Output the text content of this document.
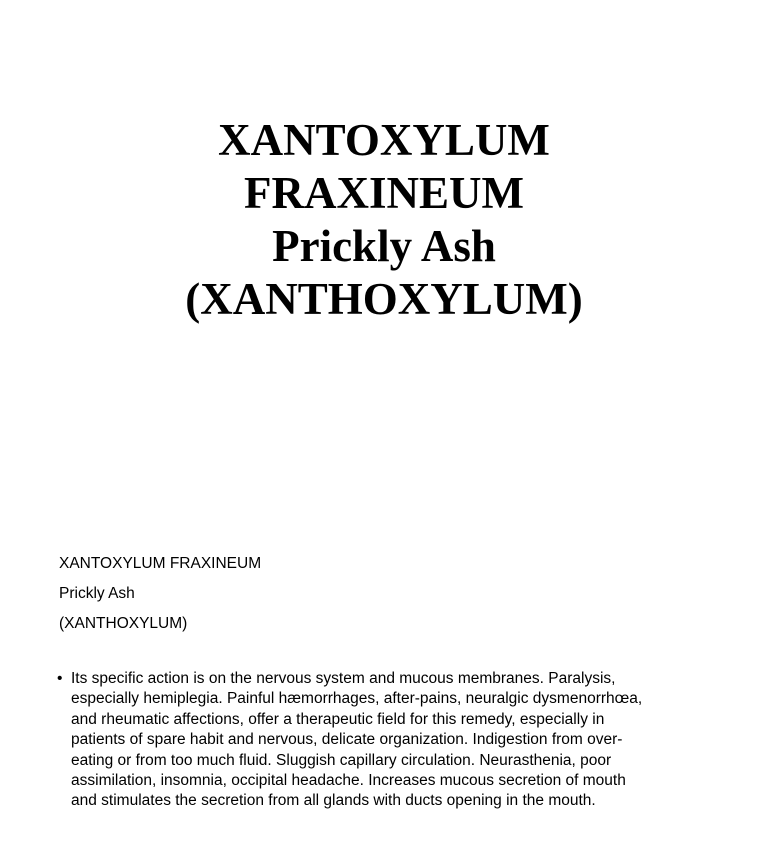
XANTOXYLUM
FRAXINEUM
Prickly Ash
(XANTHOXYLUM)
XANTOXYLUM FRAXINEUM
Prickly Ash
(XANTHOXYLUM)
• Its specific action is on the nervous system and mucous membranes. Paralysis,
especially hemiplegia. Painful hæmorrhages, after-pains, neuralgic dysmenorrhœa,
and rheumatic affections, offer a therapeutic field for this remedy, especially in
patients of spare habit and nervous, delicate organization. Indigestion from over-
eating or from too much fluid. Sluggish capillary circulation. Neurasthenia, poor
assimilation, insomnia, occipital headache. Increases mucous secretion of mouth
and stimulates the secretion from all glands with ducts opening in the mouth.
